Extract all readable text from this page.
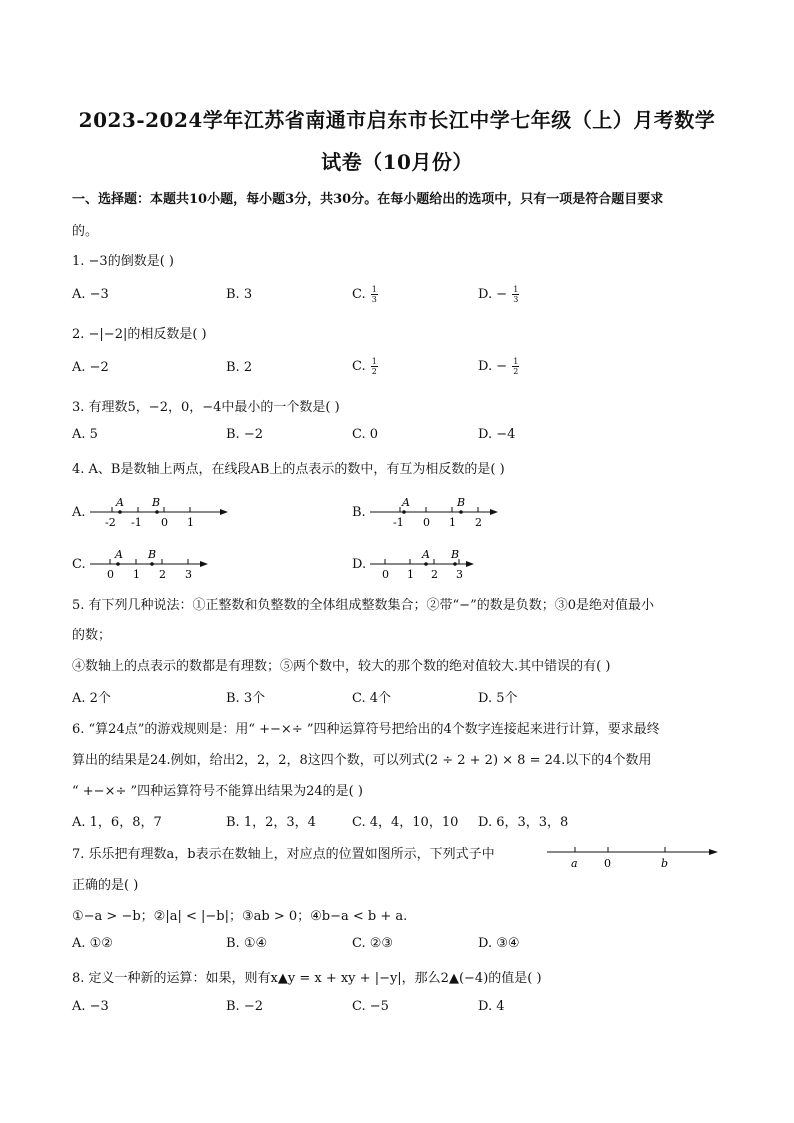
2023-2024学年江苏省南通市启东市长江中学七年级（上）月考数学
试卷（10月份）
一、选择题：本题共10小题，每小题3分，共30分。在每小题给出的选项中，只有一项是符合题目要求
的。
1. −3的倒数是( )
A. −3	B. 3	C. $\frac{1}{3}$	D. − $\frac{1}{3}$
2. −|−2|的相反数是( )
A. −2	B. 2	C. $\frac{1}{2}$	D. − $\frac{1}{2}$
3. 有理数5，−2，0，−4中最小的一个数是( )
A. 5	B. −2	C. 0	D. −4
4. A、B是数轴上两点，在线段AB上的点表示的数中，有互为相反数的是( )
A.
A	B
-2 -1 0 1
B.
A	B
-1 0 1 2
C.
A B
0 1 2 3
D.
A B
0 1 2 3
5. 有下列几种说法：①正整数和负整数的全体组成整数集合；②带“−”的数是负数；③0是绝对值最小
的数；
④数轴上的点表示的数都是有理数；⑤两个数中，较大的那个数的绝对值较大.其中错误的有( )
A. 2个	B. 3个	C. 4个	D. 5个
6. “算24点”的游戏规则是：用“ +−×÷ ”四种运算符号把给出的4个数字连接起来进行计算，要求最终
算出的结果是24.例如，给出2，2，2，8这四个数，可以列式(2 ÷ 2 + 2) × 8 = 24.以下的4个数用
“ +−×÷ ”四种运算符号不能算出结果为24的是( )
A. 1，6，8，7	B. 1，2，3，4	C. 4，4，10，10 D. 6，3，3，8
7. 乐乐把有理数a，b表示在数轴上，对应点的位置如图所示，下列式子中
正确的是( )
a 0	b
①−a > −b；②|a| < |−b|；③ab > 0；④b−a < b + a.
A. ①②	B. ①④	C. ②③	D. ③④
8. 定义一种新的运算：如果，则有x▲y = x + xy + |−y|，那么2▲(−4)的值是( )
A. −3	B. −2	C. −5	D. 4
